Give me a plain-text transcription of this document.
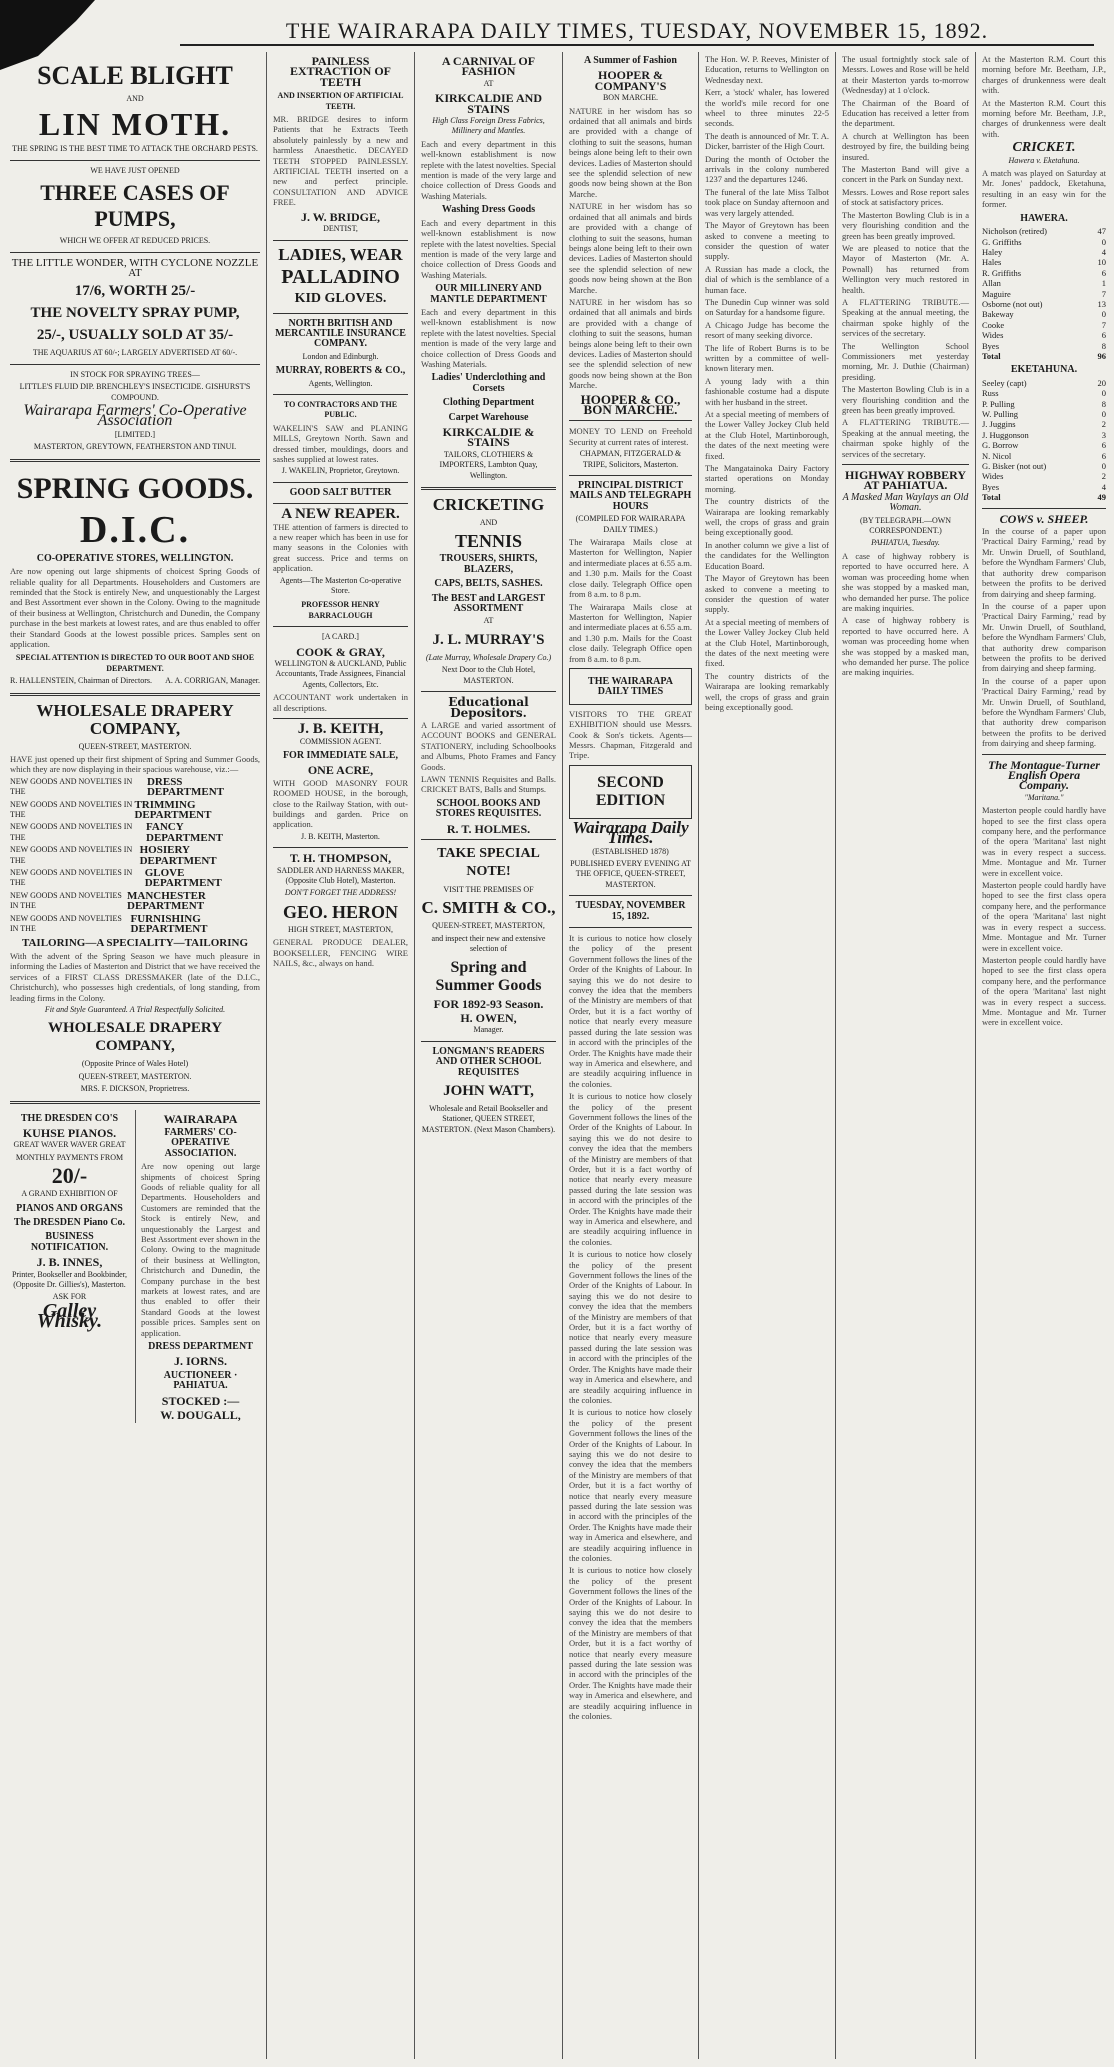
THE WAIRARAPA DAILY TIMES, TUESDAY, NOVEMBER 15, 1892.
SCALE BLIGHT
AND
LIN MOTH.
THE SPRING IS THE BEST TIME TO ATTACK THE ORCHARD PESTS.
WE HAVE JUST OPENED
THREE CASES OF PUMPS,
WHICH WE OFFER AT REDUCED PRICES.
THE LITTLE WONDER, WITH CYCLONE NOZZLE AT
17/6, WORTH 25/-
THE NOVELTY SPRAY PUMP,
25/-, USUALLY SOLD AT 35/-
THE AQUARIUS AT 60/-; LARGELY ADVERTISED AT 60/-.
IN STOCK FOR SPRAYING TREES—
LITTLE'S FLUID DIP. BRENCHLEY'S INSECTICIDE. GISHURST'S COMPOUND.
Wairarapa Farmers' Co-Operative Association
[LIMITED.]
MASTERTON, GREYTOWN, FEATHERSTON AND TINUI.
SPRING GOODS.
D.I.C.
CO-OPERATIVE STORES, WELLINGTON.
Are now opening out large shipments of choicest Spring Goods of reliable quality for all Departments. Householders and Customers are reminded that the Stock is entirely New, and unquestionably the Largest and Best Assortment ever shown in the Colony. Owing to the magnitude of their business at Wellington, Christchurch and Dunedin, the Company purchase in the best markets at lowest rates, and are thus enabled to offer their Standard Goods at the lowest possible prices. Samples sent on application.
SPECIAL ATTENTION IS DIRECTED TO OUR BOOT AND SHOE DEPARTMENT.
R. HALLENSTEIN, Chairman of Directors. A. A. CORRIGAN, Manager.
WHOLESALE DRAPERY COMPANY,
QUEEN-STREET, MASTERTON.
HAVE just opened up their first shipment of Spring and Summer Goods, which they are now displaying in their spacious warehouse, viz.:—
NEW GOODS AND NOVELTIES IN THE
DRESS DEPARTMENT
NEW GOODS AND NOVELTIES IN THE
TRIMMING DEPARTMENT
NEW GOODS AND NOVELTIES IN THE
FANCY DEPARTMENT
NEW GOODS AND NOVELTIES IN THE
HOSIERY DEPARTMENT
NEW GOODS AND NOVELTIES IN THE
GLOVE DEPARTMENT
NEW GOODS AND NOVELTIES IN THE
MANCHESTER DEPARTMENT
NEW GOODS AND NOVELTIES IN THE
FURNISHING DEPARTMENT
TAILORING—A SPECIALITY—TAILORING
With the advent of the Spring Season we have much pleasure in informing the Ladies of Masterton and District that we have received the services of a FIRST CLASS DRESSMAKER (late of the D.I.C., Christchurch), who possesses high credentials, of long standing, from leading firms in the Colony.
Fit and Style Guaranteed. A Trial Respectfully Solicited.
WHOLESALE DRAPERY COMPANY,
(Opposite Prince of Wales Hotel)
QUEEN-STREET, MASTERTON.
MRS. F. DICKSON, Proprietress.
THE DRESDEN CO'S
KUHSE PIANOS.
GREAT WAVER WAVER GREAT
MONTHLY PAYMENTS FROM
20/-
A GRAND EXHIBITION OF
PIANOS AND ORGANS
The DRESDEN Piano Co.
BUSINESS NOTIFICATION.
J. B. INNES,
Printer, Bookseller and Bookbinder, (Opposite Dr. Gillies's), Masterton.
ASK FOR
Galley Whisky.
WAIRARAPA
FARMERS' CO-OPERATIVE ASSOCIATION.
Are now opening out large shipments of choicest Spring Goods of reliable quality for all Departments. Householders and Customers are reminded that the Stock is entirely New, and unquestionably the Largest and Best Assortment ever shown in the Colony. Owing to the magnitude of their business at Wellington, Christchurch and Dunedin, the Company purchase in the best markets at lowest rates, and are thus enabled to offer their Standard Goods at the lowest possible prices. Samples sent on application.
DRESS DEPARTMENT
J. IORNS.
AUCTIONEER · PAHIATUA.
STOCKED :—
W. DOUGALL,
PAINLESS EXTRACTION OF TEETH
AND INSERTION OF ARTIFICIAL TEETH.
MR. BRIDGE desires to inform Patients that he Extracts Teeth absolutely painlessly by a new and harmless Anaesthetic. DECAYED TEETH STOPPED PAINLESSLY. ARTIFICIAL TEETH inserted on a new and perfect principle. CONSULTATION AND ADVICE FREE.
J. W. BRIDGE,
DENTIST,
LADIES, WEAR
PALLADINO
KID GLOVES.
NORTH BRITISH AND MERCANTILE INSURANCE COMPANY.
London and Edinburgh.
MURRAY, ROBERTS & CO.,
Agents, Wellington.
TO CONTRACTORS AND THE PUBLIC.
WAKELIN'S SAW and PLANING MILLS, Greytown North. Sawn and dressed timber, mouldings, doors and sashes supplied at lowest rates.
J. WAKELIN, Proprietor, Greytown.
GOOD SALT BUTTER
A NEW REAPER.
THE attention of farmers is directed to a new reaper which has been in use for many seasons in the Colonies with great success. Price and terms on application.
Agents—The Masterton Co-operative Store.
PROFESSOR HENRY BARRACLOUGH
[A CARD.]
COOK & GRAY,
WELLINGTON & AUCKLAND, Public Accountants, Trade Assignees, Financial Agents, Collectors, Etc.
ACCOUNTANT work undertaken in all descriptions.
J. B. KEITH,
COMMISSION AGENT.
FOR IMMEDIATE SALE,
ONE ACRE,
WITH GOOD MASONRY FOUR ROOMED HOUSE, in the borough, close to the Railway Station, with out-buildings and garden. Price on application.
J. B. KEITH, Masterton.
T. H. THOMPSON,
SADDLER AND HARNESS MAKER, (Opposite Club Hotel), Masterton.
DON'T FORGET THE ADDRESS!
GEO. HERON
HIGH STREET, MASTERTON,
GENERAL PRODUCE DEALER, BOOKSELLER, FENCING WIRE NAILS, &c., always on hand.
A CARNIVAL OF FASHION
AT
KIRKCALDIE AND STAINS
High Class Foreign Dress Fabrics, Millinery and Mantles.
Each and every department in this well-known establishment is now replete with the latest novelties. Special mention is made of the very large and choice collection of Dress Goods and Washing Materials.
Washing Dress Goods
Each and every department in this well-known establishment is now replete with the latest novelties. Special mention is made of the very large and choice collection of Dress Goods and Washing Materials.
OUR MILLINERY AND MANTLE DEPARTMENT
Each and every department in this well-known establishment is now replete with the latest novelties. Special mention is made of the very large and choice collection of Dress Goods and Washing Materials.
Ladies' Underclothing and Corsets
Clothing Department
Carpet Warehouse
KIRKCALDIE & STAINS
TAILORS, CLOTHIERS & IMPORTERS, Lambton Quay, Wellington.
CRICKETING
AND
TENNIS
TROUSERS, SHIRTS, BLAZERS,
CAPS, BELTS, SASHES.
The BEST and LARGEST ASSORTMENT
AT
J. L. MURRAY'S
(Late Murray, Wholesale Drapery Co.)
Next Door to the Club Hotel, MASTERTON.
Educational Depositors.
A LARGE and varied assortment of ACCOUNT BOOKS and GENERAL STATIONERY, including Schoolbooks and Albums, Photo Frames and Fancy Goods.
LAWN TENNIS Requisites and Balls. CRICKET BATS, Balls and Stumps.
SCHOOL BOOKS AND STORES REQUISITES.
R. T. HOLMES.
TAKE SPECIAL NOTE!
VISIT THE PREMISES OF
C. SMITH & CO.,
QUEEN-STREET, MASTERTON,
and inspect their new and extensive selection of
Spring and Summer Goods
FOR 1892-93 Season.
H. OWEN,
Manager.
LONGMAN'S READERS AND OTHER SCHOOL REQUISITES
JOHN WATT,
Wholesale and Retail Bookseller and Stationer, QUEEN STREET, MASTERTON. (Next Mason Chambers).
A Summer of Fashion
HOOPER & COMPANY'S
BON MARCHE.
NATURE in her wisdom has so ordained that all animals and birds are provided with a change of clothing to suit the seasons, human beings alone being left to their own devices. Ladies of Masterton should see the splendid selection of new goods now being shown at the Bon Marche.
NATURE in her wisdom has so ordained that all animals and birds are provided with a change of clothing to suit the seasons, human beings alone being left to their own devices. Ladies of Masterton should see the splendid selection of new goods now being shown at the Bon Marche.
NATURE in her wisdom has so ordained that all animals and birds are provided with a change of clothing to suit the seasons, human beings alone being left to their own devices. Ladies of Masterton should see the splendid selection of new goods now being shown at the Bon Marche.
HOOPER & CO., BON MARCHE.
MONEY TO LEND on Freehold Security at current rates of interest.
CHAPMAN, FITZGERALD & TRIPE, Solicitors, Masterton.
PRINCIPAL DISTRICT MAILS AND TELEGRAPH HOURS
(COMPILED FOR WAIRARAPA DAILY TIMES.)
The Wairarapa Mails close at Masterton for Wellington, Napier and intermediate places at 6.55 a.m. and 1.30 p.m. Mails for the Coast close daily. Telegraph Office open from 8 a.m. to 8 p.m.
The Wairarapa Mails close at Masterton for Wellington, Napier and intermediate places at 6.55 a.m. and 1.30 p.m. Mails for the Coast close daily. Telegraph Office open from 8 a.m. to 8 p.m.
THE WAIRARAPA DAILY TIMES
VISITORS TO THE GREAT EXHIBITION should use Messrs. Cook & Son's tickets. Agents—Messrs. Chapman, Fitzgerald and Tripe.
SECOND EDITION
Wairarapa Daily Times.
(ESTABLISHED 1878)
PUBLISHED EVERY EVENING AT THE OFFICE, QUEEN-STREET, MASTERTON.
TUESDAY, NOVEMBER 15, 1892.
It is curious to notice how closely the policy of the present Government follows the lines of the Order of the Knights of Labour. In saying this we do not desire to convey the idea that the members of the Ministry are members of that Order, but it is a fact worthy of notice that nearly every measure passed during the late session was in accord with the principles of the Order. The Knights have made their way in America and elsewhere, and are steadily acquiring influence in the colonies.
It is curious to notice how closely the policy of the present Government follows the lines of the Order of the Knights of Labour. In saying this we do not desire to convey the idea that the members of the Ministry are members of that Order, but it is a fact worthy of notice that nearly every measure passed during the late session was in accord with the principles of the Order. The Knights have made their way in America and elsewhere, and are steadily acquiring influence in the colonies.
It is curious to notice how closely the policy of the present Government follows the lines of the Order of the Knights of Labour. In saying this we do not desire to convey the idea that the members of the Ministry are members of that Order, but it is a fact worthy of notice that nearly every measure passed during the late session was in accord with the principles of the Order. The Knights have made their way in America and elsewhere, and are steadily acquiring influence in the colonies.
It is curious to notice how closely the policy of the present Government follows the lines of the Order of the Knights of Labour. In saying this we do not desire to convey the idea that the members of the Ministry are members of that Order, but it is a fact worthy of notice that nearly every measure passed during the late session was in accord with the principles of the Order. The Knights have made their way in America and elsewhere, and are steadily acquiring influence in the colonies.
It is curious to notice how closely the policy of the present Government follows the lines of the Order of the Knights of Labour. In saying this we do not desire to convey the idea that the members of the Ministry are members of that Order, but it is a fact worthy of notice that nearly every measure passed during the late session was in accord with the principles of the Order. The Knights have made their way in America and elsewhere, and are steadily acquiring influence in the colonies.
The Hon. W. P. Reeves, Minister of Education, returns to Wellington on Wednesday next.
Kerr, a 'stock' whaler, has lowered the world's mile record for one wheel to three minutes 22-5 seconds.
The death is announced of Mr. T. A. Dicker, barrister of the High Court.
During the month of October the arrivals in the colony numbered 1237 and the departures 1246.
The funeral of the late Miss Talbot took place on Sunday afternoon and was very largely attended.
The Mayor of Greytown has been asked to convene a meeting to consider the question of water supply.
A Russian has made a clock, the dial of which is the semblance of a human face.
The Dunedin Cup winner was sold on Saturday for a handsome figure.
A Chicago Judge has become the resort of many seeking divorce.
The life of Robert Burns is to be written by a committee of well-known literary men.
A young lady with a thin fashionable costume had a dispute with her husband in the street.
At a special meeting of members of the Lower Valley Jockey Club held at the Club Hotel, Martinborough, the dates of the next meeting were fixed.
The Mangatainoka Dairy Factory started operations on Monday morning.
The country districts of the Wairarapa are looking remarkably well, the crops of grass and grain being exceptionally good.
In another column we give a list of the candidates for the Wellington Education Board.
The Mayor of Greytown has been asked to convene a meeting to consider the question of water supply.
At a special meeting of members of the Lower Valley Jockey Club held at the Club Hotel, Martinborough, the dates of the next meeting were fixed.
The country districts of the Wairarapa are looking remarkably well, the crops of grass and grain being exceptionally good.
The usual fortnightly stock sale of Messrs. Lowes and Rose will be held at their Masterton yards to-morrow (Wednesday) at 1 o'clock.
The Chairman of the Board of Education has received a letter from the department.
A church at Wellington has been destroyed by fire, the building being insured.
The Masterton Band will give a concert in the Park on Sunday next.
Messrs. Lowes and Rose report sales of stock at satisfactory prices.
The Masterton Bowling Club is in a very flourishing condition and the green has been greatly improved.
We are pleased to notice that the Mayor of Masterton (Mr. A. Pownall) has returned from Wellington very much restored in health.
A FLATTERING TRIBUTE.—Speaking at the annual meeting, the chairman spoke highly of the services of the secretary.
The Wellington School Commissioners met yesterday morning, Mr. J. Duthie (Chairman) presiding.
The Masterton Bowling Club is in a very flourishing condition and the green has been greatly improved.
A FLATTERING TRIBUTE.—Speaking at the annual meeting, the chairman spoke highly of the services of the secretary.
HIGHWAY ROBBERY AT PAHIATUA.
A Masked Man Waylays an Old Woman.
(BY TELEGRAPH.—OWN CORRESPONDENT.)
PAHIATUA, Tuesday.
A case of highway robbery is reported to have occurred here. A woman was proceeding home when she was stopped by a masked man, who demanded her purse. The police are making inquiries.
A case of highway robbery is reported to have occurred here. A woman was proceeding home when she was stopped by a masked man, who demanded her purse. The police are making inquiries.
At the Masterton R.M. Court this morning before Mr. Beetham, J.P., charges of drunkenness were dealt with.
At the Masterton R.M. Court this morning before Mr. Beetham, J.P., charges of drunkenness were dealt with.
CRICKET.
Hawera v. Eketahuna.
A match was played on Saturday at Mr. Jones' paddock, Eketahuna, resulting in an easy win for the former.
HAWERA.
Nicholson (retired)	47
G. Griffiths	0
Haley	4
Hales	10
R. Griffiths	6
Allan	1
Maguire	7
Osborne (not out)	13
Bakeway	0
Cooke	7
Wides	6
Byes	8
Total	96
EKETAHUNA.
Seeley (capt)	20
Russ	0
P. Pulling	8
W. Pulling	0
J. Juggins	2
J. Huggonson	3
G. Borrow	6
N. Nicol	6
G. Bisker (not out)	0
Wides	2
Byes	4
Total	49
COWS v. SHEEP.
In the course of a paper upon 'Practical Dairy Farming,' read by Mr. Unwin Druell, of Southland, before the Wyndham Farmers' Club, that authority drew comparison between the profits to be derived from dairying and sheep farming.
In the course of a paper upon 'Practical Dairy Farming,' read by Mr. Unwin Druell, of Southland, before the Wyndham Farmers' Club, that authority drew comparison between the profits to be derived from dairying and sheep farming.
In the course of a paper upon 'Practical Dairy Farming,' read by Mr. Unwin Druell, of Southland, before the Wyndham Farmers' Club, that authority drew comparison between the profits to be derived from dairying and sheep farming.
The Montague-Turner English Opera Company.
"Maritana."
Masterton people could hardly have hoped to see the first class opera company here, and the performance of the opera 'Maritana' last night was in every respect a success. Mme. Montague and Mr. Turner were in excellent voice.
Masterton people could hardly have hoped to see the first class opera company here, and the performance of the opera 'Maritana' last night was in every respect a success. Mme. Montague and Mr. Turner were in excellent voice.
Masterton people could hardly have hoped to see the first class opera company here, and the performance of the opera 'Maritana' last night was in every respect a success. Mme. Montague and Mr. Turner were in excellent voice.
